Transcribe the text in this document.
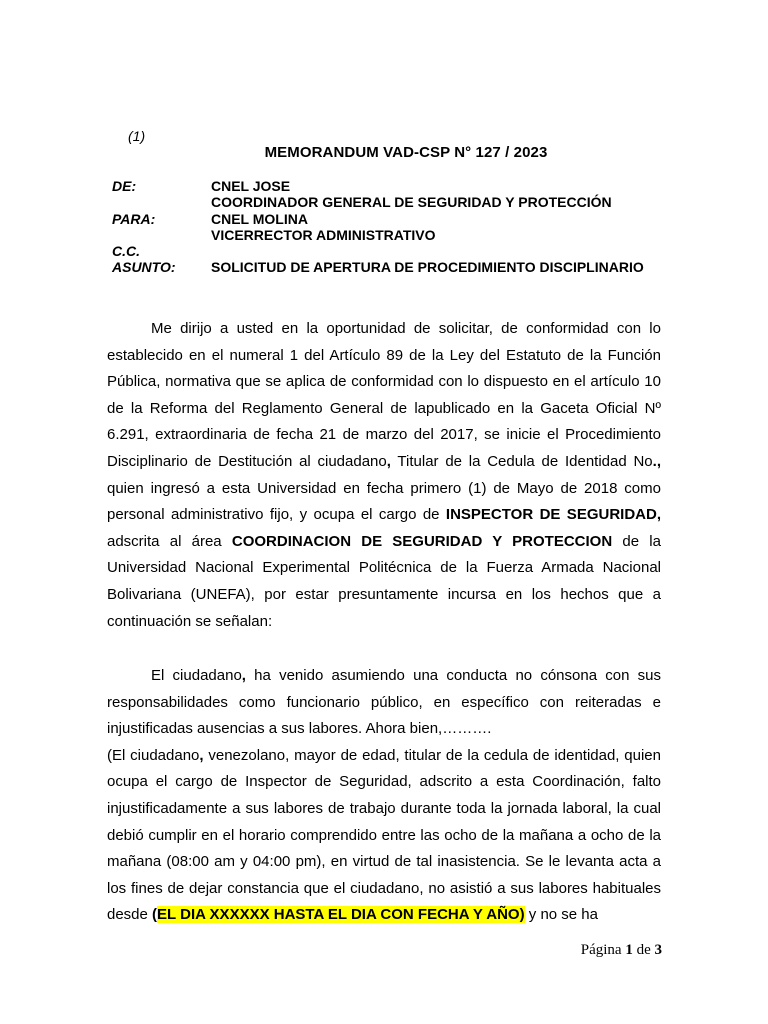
(1)
MEMORANDUM VAD-CSP N° 127 / 2023
DE:	CNEL JOSE
COORDINADOR GENERAL DE SEGURIDAD Y PROTECCIÓN
PARA:	CNEL MOLINA
VICERRECTOR ADMINISTRATIVO
C.C.
ASUNTO:	SOLICITUD DE APERTURA DE PROCEDIMIENTO DISCIPLINARIO
Me dirijo a usted en la oportunidad de solicitar, de conformidad con lo establecido en el numeral 1 del Artículo 89 de la Ley del Estatuto de la Función Pública, normativa que se aplica de conformidad con lo dispuesto en el artículo 10 de la Reforma del Reglamento General de lapublicado en la Gaceta Oficial Nº 6.291, extraordinaria de fecha 21 de marzo del 2017, se inicie el Procedimiento Disciplinario de Destitución al ciudadano, Titular de la Cedula de Identidad No., quien ingresó a esta Universidad en fecha primero (1) de Mayo de 2018 como personal administrativo fijo, y ocupa el cargo de INSPECTOR DE SEGURIDAD, adscrita al área COORDINACION DE SEGURIDAD Y PROTECCION de la Universidad Nacional Experimental Politécnica de la Fuerza Armada Nacional Bolivariana (UNEFA), por estar presuntamente incursa en los hechos que a continuación se señalan:
El ciudadano, ha venido asumiendo una conducta no cónsona con sus responsabilidades como funcionario público, en específico con reiteradas e injustificadas ausencias a sus labores. Ahora bien,……….
(El ciudadano, venezolano, mayor de edad, titular de la cedula de identidad, quien ocupa el cargo de Inspector de Seguridad, adscrito a esta Coordinación, falto injustificadamente a sus labores de trabajo durante toda la jornada laboral, la cual debió cumplir en el horario comprendido entre las ocho de la mañana a ocho de la mañana (08:00 am y 04:00 pm), en virtud de tal inasistencia. Se le levanta acta a los fines de dejar constancia que el ciudadano, no asistió a sus labores habituales desde (EL DIA XXXXXX HASTA EL DIA CON FECHA Y AÑO) y no se ha
Página 1 de 3
